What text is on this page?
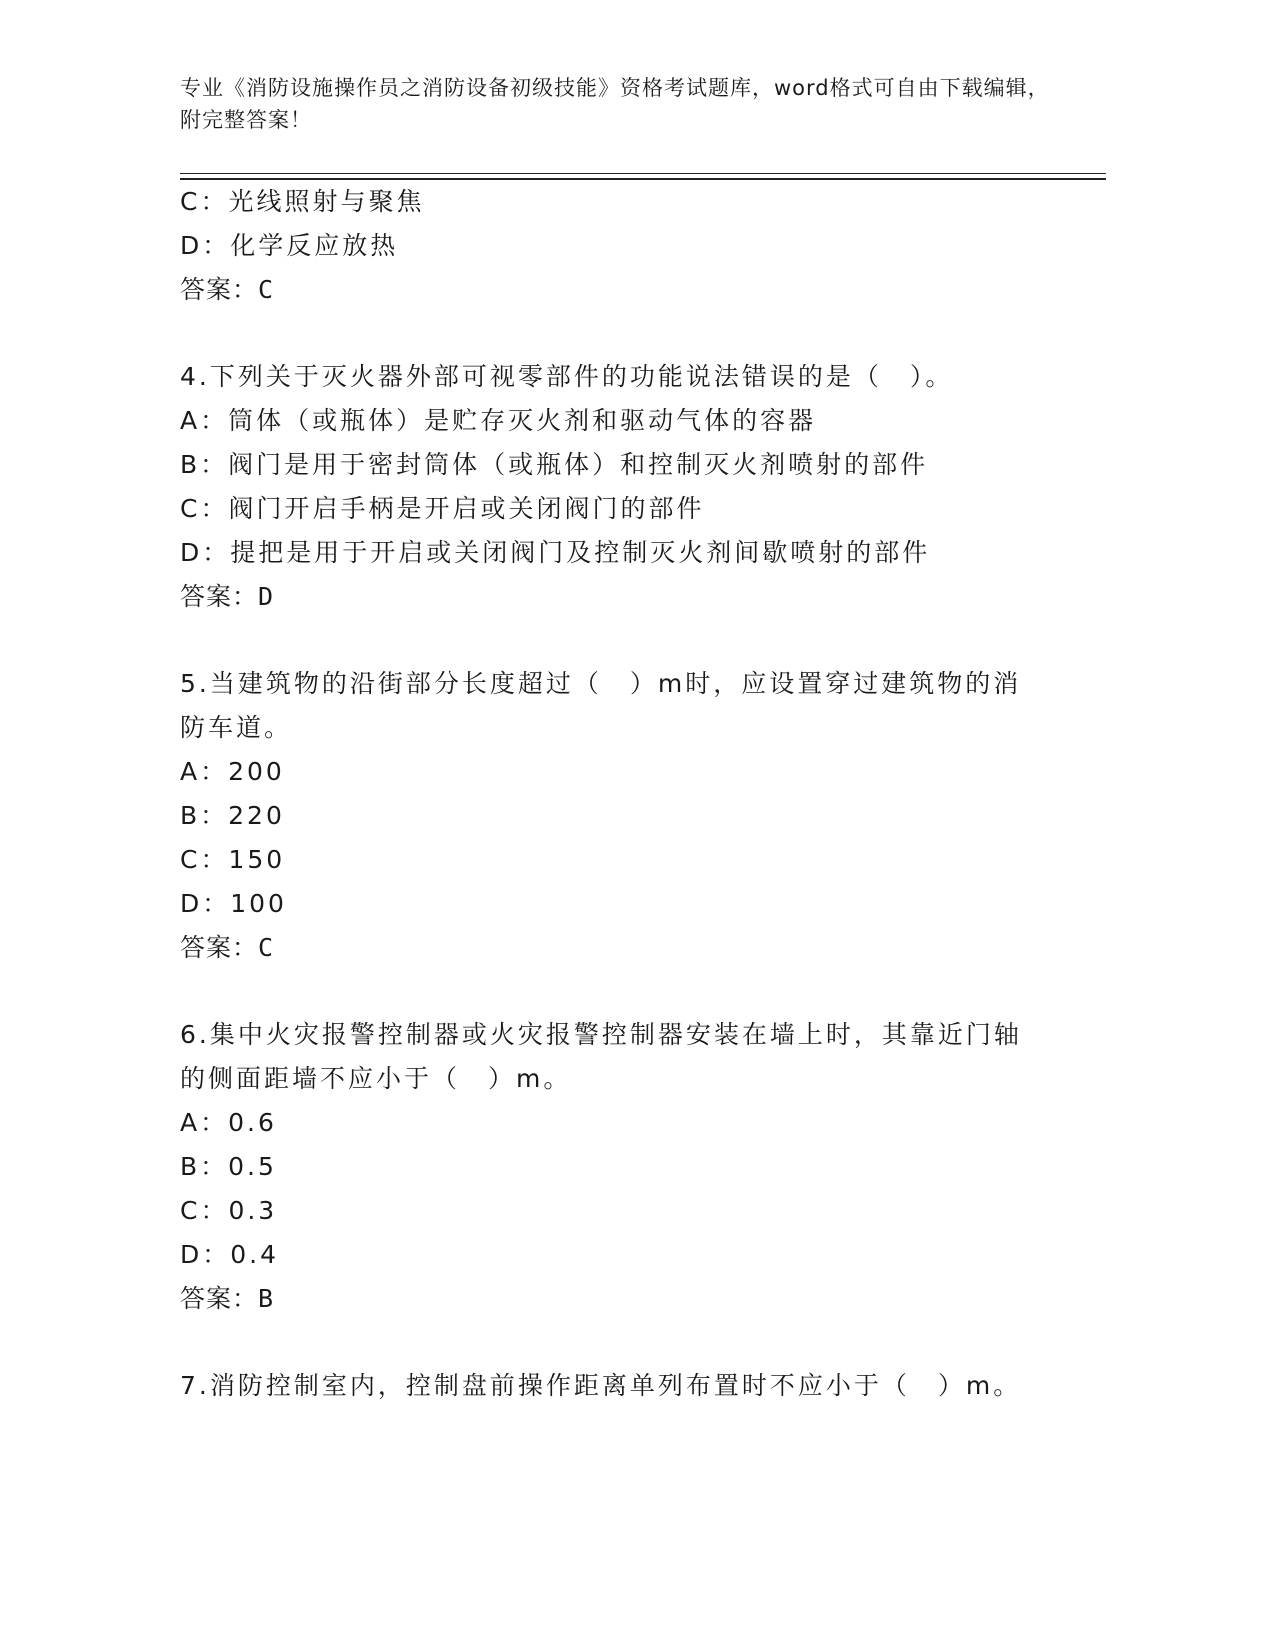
专业《消防设施操作员之消防设备初级技能》资格考试题库，word格式可自由下载编辑，附完整答案！
C：光线照射与聚焦
D：化学反应放热
答案：C
4.下列关于灭火器外部可视零部件的功能说法错误的是（　）。
A：筒体（或瓶体）是贮存灭火剂和驱动气体的容器
B：阀门是用于密封筒体（或瓶体）和控制灭火剂喷射的部件
C：阀门开启手柄是开启或关闭阀门的部件
D：提把是用于开启或关闭阀门及控制灭火剂间歇喷射的部件
答案：D
5.当建筑物的沿街部分长度超过（　）m时，应设置穿过建筑物的消防车道。
A：200
B：220
C：150
D：100
答案：C
6.集中火灾报警控制器或火灾报警控制器安装在墙上时，其靠近门轴的侧面距墙不应小于（　）m。
A：0.6
B：0.5
C：0.3
D：0.4
答案：B
7.消防控制室内，控制盘前操作距离单列布置时不应小于（　）m。
